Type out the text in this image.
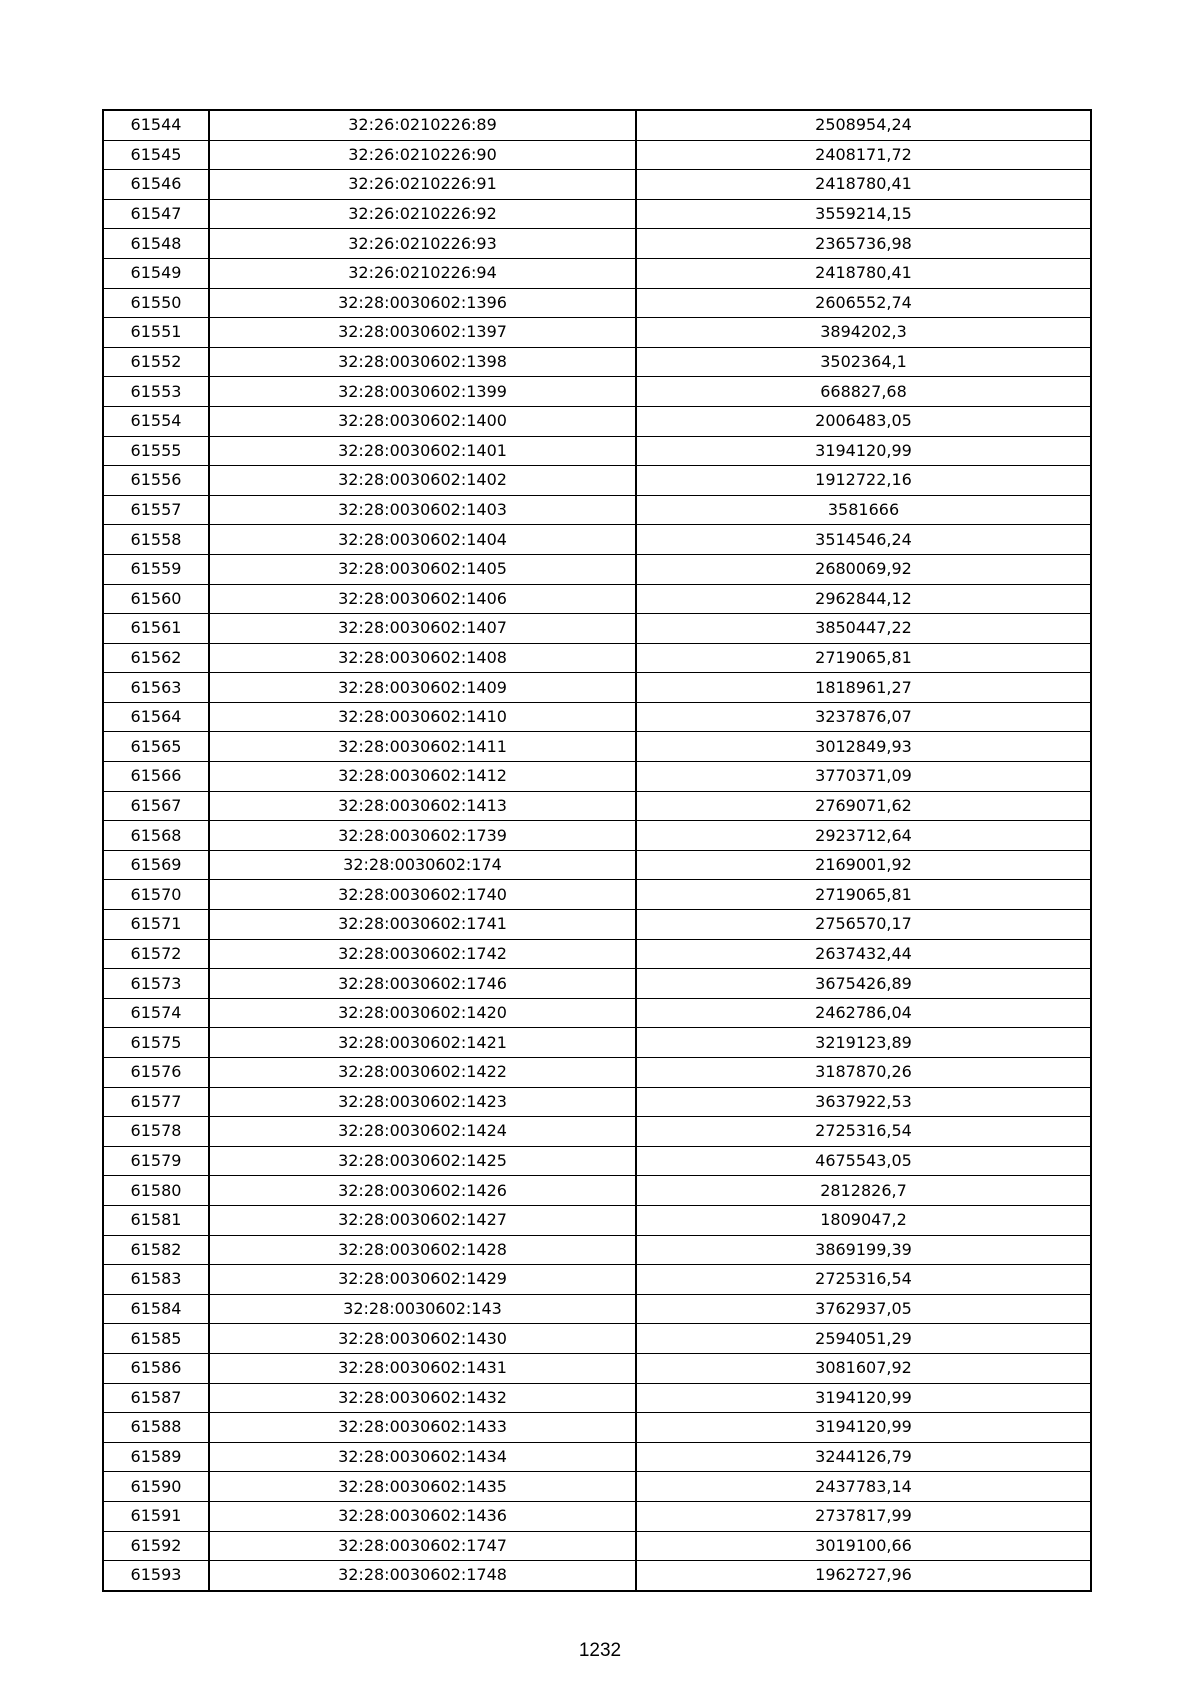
61544	32:26:0210226:89	2508954,24
61545	32:26:0210226:90	2408171,72
61546	32:26:0210226:91	2418780,41
61547	32:26:0210226:92	3559214,15
61548	32:26:0210226:93	2365736,98
61549	32:26:0210226:94	2418780,41
61550	32:28:0030602:1396	2606552,74
61551	32:28:0030602:1397	3894202,3
61552	32:28:0030602:1398	3502364,1
61553	32:28:0030602:1399	668827,68
61554	32:28:0030602:1400	2006483,05
61555	32:28:0030602:1401	3194120,99
61556	32:28:0030602:1402	1912722,16
61557	32:28:0030602:1403	3581666
61558	32:28:0030602:1404	3514546,24
61559	32:28:0030602:1405	2680069,92
61560	32:28:0030602:1406	2962844,12
61561	32:28:0030602:1407	3850447,22
61562	32:28:0030602:1408	2719065,81
61563	32:28:0030602:1409	1818961,27
61564	32:28:0030602:1410	3237876,07
61565	32:28:0030602:1411	3012849,93
61566	32:28:0030602:1412	3770371,09
61567	32:28:0030602:1413	2769071,62
61568	32:28:0030602:1739	2923712,64
61569	32:28:0030602:174	2169001,92
61570	32:28:0030602:1740	2719065,81
61571	32:28:0030602:1741	2756570,17
61572	32:28:0030602:1742	2637432,44
61573	32:28:0030602:1746	3675426,89
61574	32:28:0030602:1420	2462786,04
61575	32:28:0030602:1421	3219123,89
61576	32:28:0030602:1422	3187870,26
61577	32:28:0030602:1423	3637922,53
61578	32:28:0030602:1424	2725316,54
61579	32:28:0030602:1425	4675543,05
61580	32:28:0030602:1426	2812826,7
61581	32:28:0030602:1427	1809047,2
61582	32:28:0030602:1428	3869199,39
61583	32:28:0030602:1429	2725316,54
61584	32:28:0030602:143	3762937,05
61585	32:28:0030602:1430	2594051,29
61586	32:28:0030602:1431	3081607,92
61587	32:28:0030602:1432	3194120,99
61588	32:28:0030602:1433	3194120,99
61589	32:28:0030602:1434	3244126,79
61590	32:28:0030602:1435	2437783,14
61591	32:28:0030602:1436	2737817,99
61592	32:28:0030602:1747	3019100,66
61593	32:28:0030602:1748	1962727,96
1232
